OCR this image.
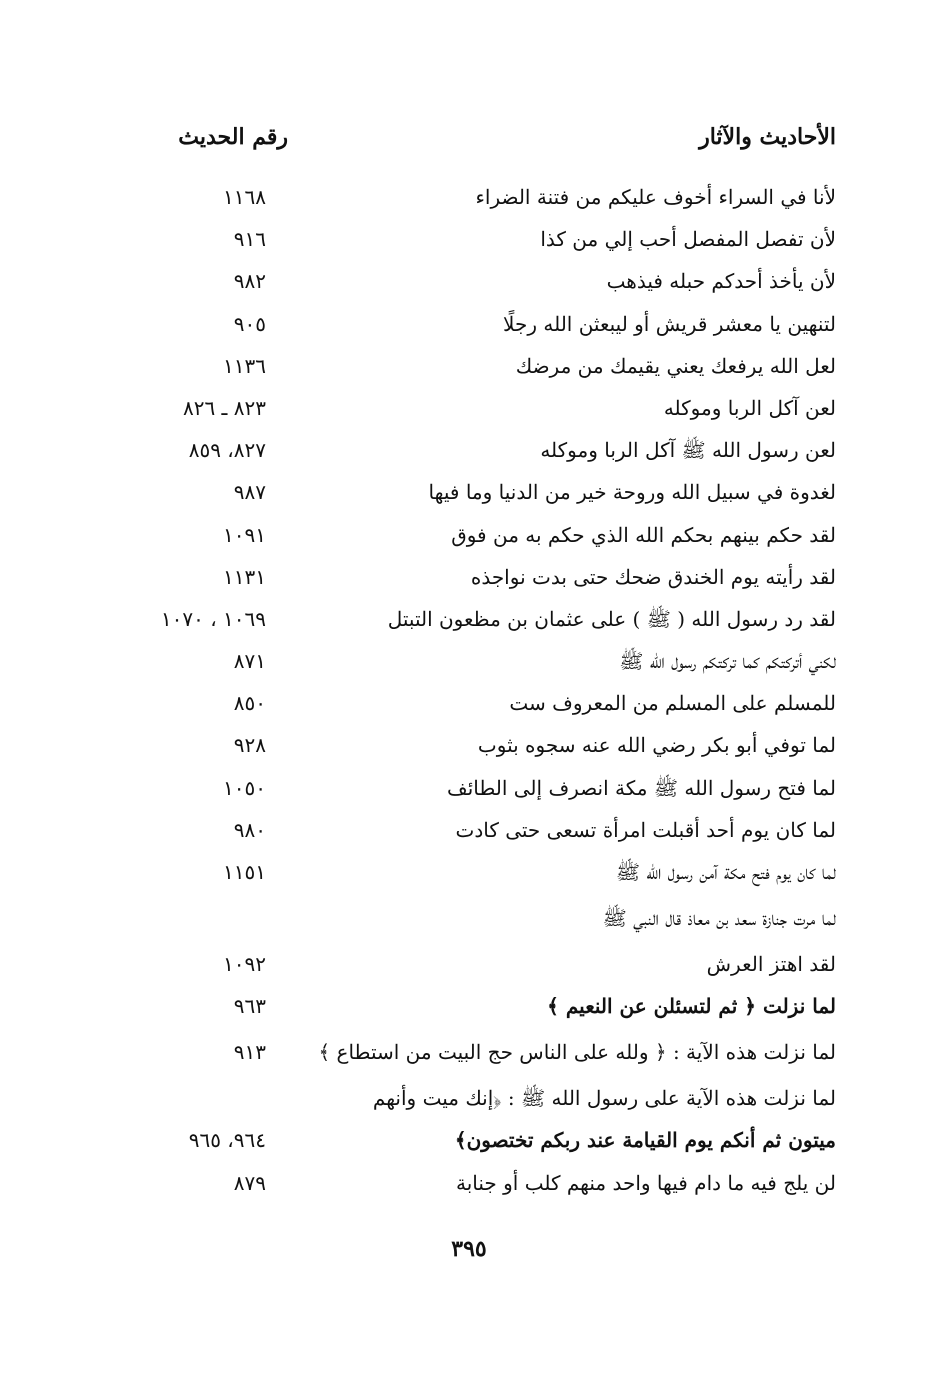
الأحاديث والآثار
رقم الحديث
لأنا في السراء أخوف عليكم من فتنة الضراء
١١٦٨
لأن تفصل المفصل أحب إلي من كذا
٩١٦
لأن يأخذ أحدكم حبله فيذهب
٩٨٢
لتنهين يا معشر قريش أو ليبعثن الله رجلًا
٩٠٥
لعل الله يرفعك يعني يقيمك من مرضك
١١٣٦
لعن آكل الربا وموكله
٨٢٣ ـ ٨٢٦
لعن رسول الله ﷺ آكل الربا وموكله
٨٢٧، ٨٥٩
لغدوة في سبيل الله وروحة خير من الدنيا وما فيها
٩٨٧
لقد حكم بينهم بحكم الله الذي حكم به من فوق
١٠٩١
لقد رأيته يوم الخندق ضحك حتى بدت نواجذه
١١٣١
لقد رد رسول الله ( ﷺ ) على عثمان بن مظعون التبتل
١٠٦٩ ، ١٠٧٠
لكني أتركتكم كما تركتكم رسول الله ﷺ
٨٧١
للمسلم على المسلم من المعروف ست
٨٥٠
لما توفي أبو بكر رضي الله عنه سجوه بثوب
٩٢٨
لما فتح رسول الله ﷺ مكة انصرف إلى الطائف
١٠٥٠
لما كان يوم أحد أقبلت امرأة تسعى حتى كادت
٩٨٠
لما كان يوم فتح مكة آمن رسول الله ﷺ
١١٥١
لما مرت جنازة سعد بن معاذ قال النبي ﷺ
لقد اهتز العرش
١٠٩٢
لما نزلت ﴿ ثم لتسئلن عن النعيم ﴾
٩٦٣
لما نزلت هذه الآية : ﴿ ولله على الناس حج البيت من استطاع ﴾
٩١٣
لما نزلت هذه الآية على رسول الله ﷺ : ﴿إنك ميت وأنهم
ميتون ثم أنكم يوم القيامة عند ربكم تختصون﴾
٩٦٤، ٩٦٥
لن يلج فيه ما دام فيها واحد منهم كلب أو جنابة
٨٧٩
٣٩٥
